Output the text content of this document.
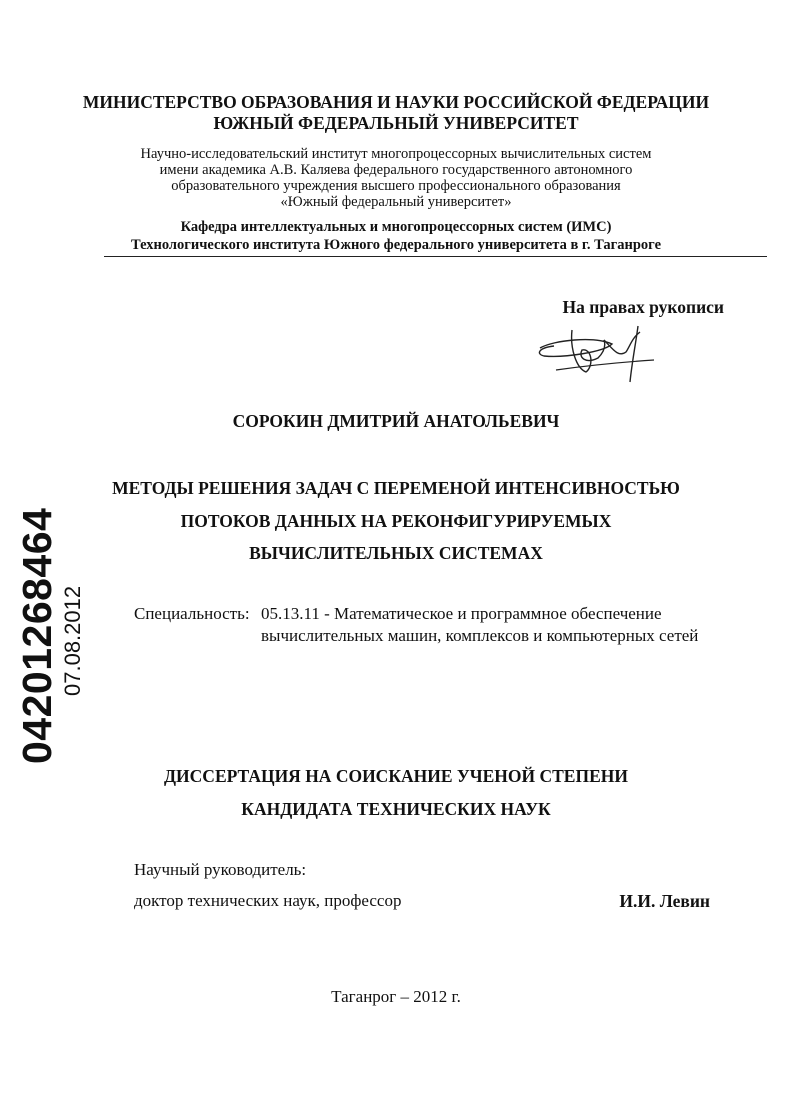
МИНИСТЕРСТВО ОБРАЗОВАНИЯ И НАУКИ РОССИЙСКОЙ ФЕДЕРАЦИИ
ЮЖНЫЙ ФЕДЕРАЛЬНЫЙ УНИВЕРСИТЕТ
Научно-исследовательский институт многопроцессорных вычислительных систем
имени академика А.В. Каляева федерального государственного автономного
образовательного учреждения высшего профессионального образования
«Южный федеральный университет»
Кафедра интеллектуальных и многопроцессорных систем (ИМС)
Технологического института Южного федерального университета в г. Таганроге
На правах рукописи
СОРОКИН ДМИТРИЙ АНАТОЛЬЕВИЧ
МЕТОДЫ РЕШЕНИЯ ЗАДАЧ С ПЕРЕМЕНОЙ ИНТЕНСИВНОСТЬЮ
ПОТОКОВ ДАННЫХ НА РЕКОНФИГУРИРУЕМЫХ
ВЫЧИСЛИТЕЛЬНЫХ СИСТЕМАХ
Специальность: 05.13.11 - Математическое и программное обеспечение вычислительных машин, комплексов и компьютерных сетей
ДИССЕРТАЦИЯ НА СОИСКАНИЕ УЧЕНОЙ СТЕПЕНИ
КАНДИДАТА ТЕХНИЧЕСКИХ НАУК
Научный руководитель:
доктор технических наук, профессор	И.И. Левин
Таганрог – 2012 г.
04201268464 07.08.2012
